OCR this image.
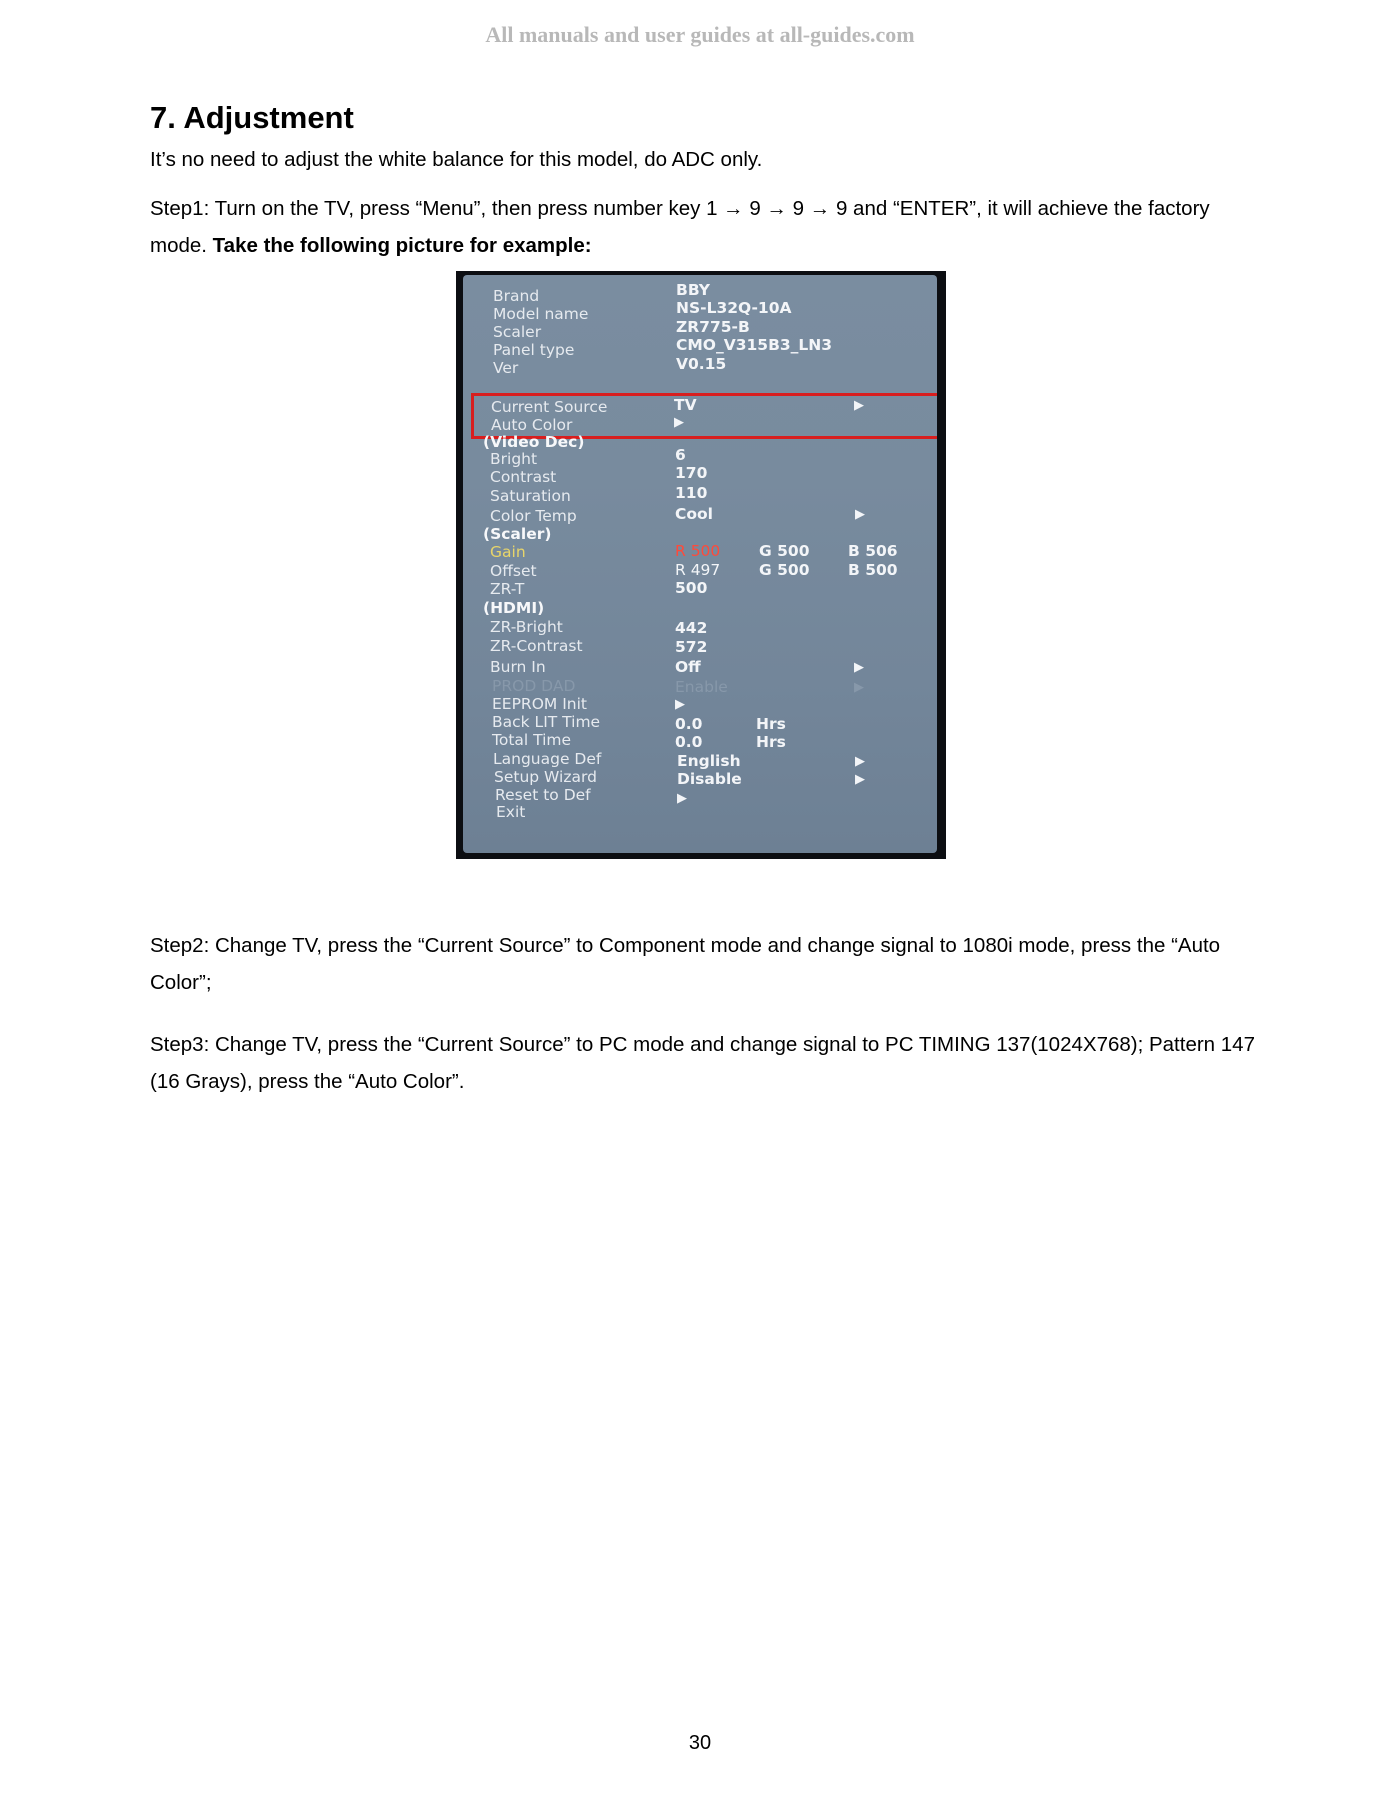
All manuals and user guides at all-guides.com
7. Adjustment

It’s no need to adjust the white balance for this model, do ADC only.

Step1: Turn on the TV, press “Menu”, then press number key 1 → 9 → 9 → 9 and “ENTER”, it will achieve the factory mode. Take the following picture for example:

Brand	BBY
Model name	NS-L32Q-10A
Scaler	ZR775-B
Panel type	CMO_V315B3_LN3
Ver	V0.15
Current Source	TV	▶
Auto Color	▶
(Video Dec)
Bright	6
Contrast	170
Saturation	110
Color Temp	Cool	▶
(Scaler)
Gain	R 500 G 500 B 506
Offset	R 497 G 500 B 500
ZR-T	500
(HDMI)
ZR-Bright	442
ZR-Contrast	572
Burn In	Off	▶
PROD DAD	Enable	▶
EEPROM Init	▶
Back LIT Time	0.0	Hrs
Total Time	0.0	Hrs
Language Def	English	▶
Setup Wizard	Disable	▶
Reset to Def	▶
Exit

Step2: Change TV, press the “Current Source” to Component mode and change signal to 1080i mode, press the “Auto Color”;

Step3: Change TV, press the “Current Source” to PC mode and change signal to PC TIMING 137(1024X768); Pattern 147 (16 Grays), press the “Auto Color”.

30
